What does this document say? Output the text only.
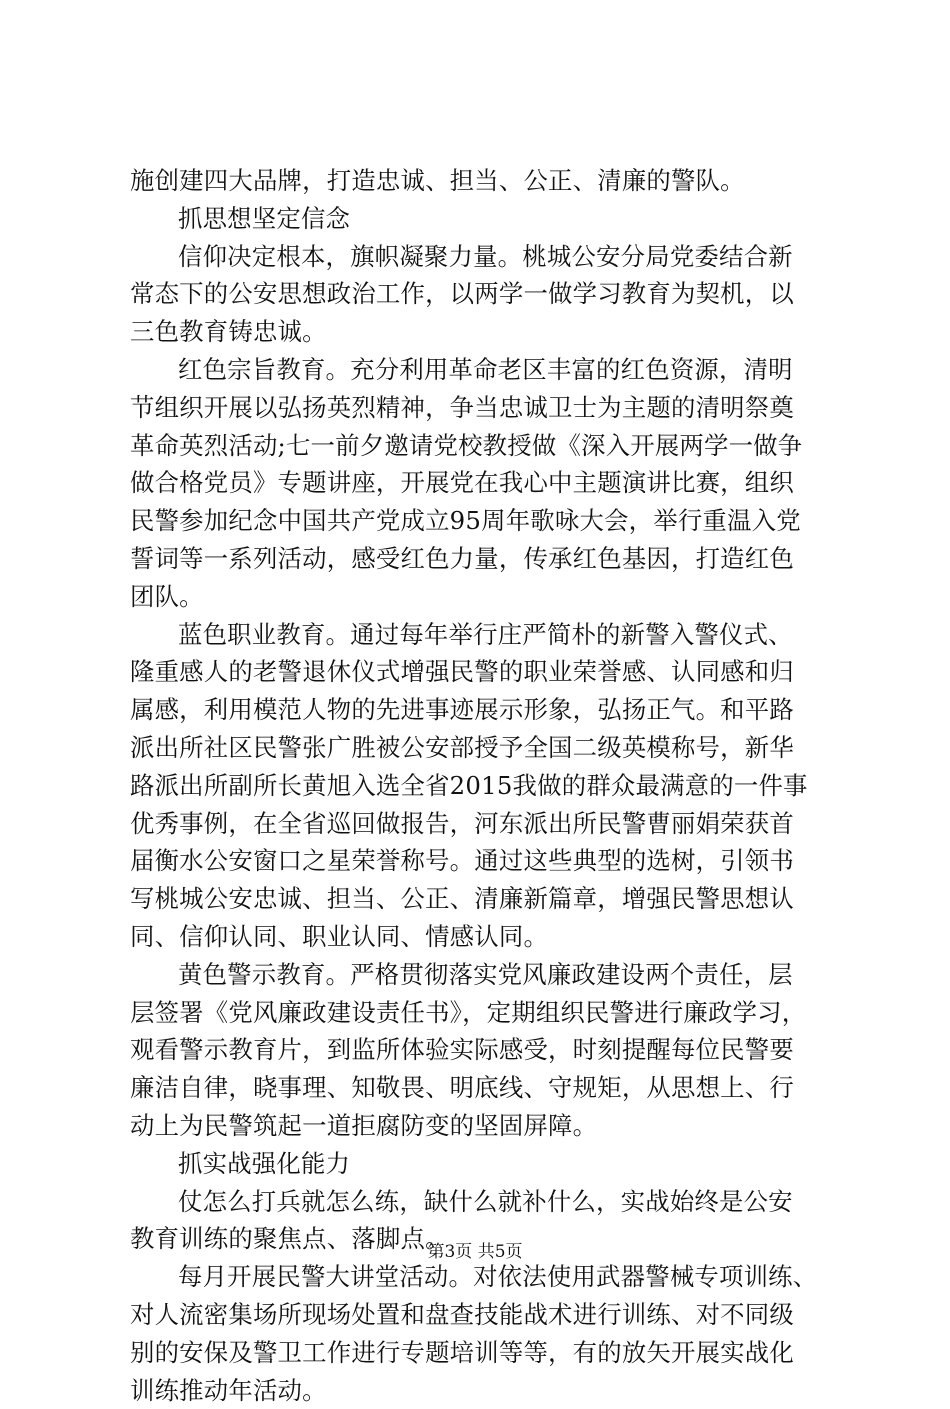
施创建四大品牌，打造忠诚、担当、公正、清廉的警队。
抓思想坚定信念
信仰决定根本，旗帜凝聚力量。桃城公安分局党委结合新
常态下的公安思想政治工作，以两学一做学习教育为契机，以
三色教育铸忠诚。
红色宗旨教育。充分利用革命老区丰富的红色资源，清明
节组织开展以弘扬英烈精神，争当忠诚卫士为主题的清明祭奠
革命英烈活动;七一前夕邀请党校教授做《深入开展两学一做争
做合格党员》专题讲座，开展党在我心中主题演讲比赛，组织
民警参加纪念中国共产党成立95周年歌咏大会，举行重温入党
誓词等一系列活动，感受红色力量，传承红色基因，打造红色
团队。
蓝色职业教育。通过每年举行庄严简朴的新警入警仪式、
隆重感人的老警退休仪式增强民警的职业荣誉感、认同感和归
属感，利用模范人物的先进事迹展示形象，弘扬正气。和平路
派出所社区民警张广胜被公安部授予全国二级英模称号，新华
路派出所副所长黄旭入选全省2015我做的群众最满意的一件事
优秀事例，在全省巡回做报告，河东派出所民警曹丽娟荣获首
届衡水公安窗口之星荣誉称号。通过这些典型的选树，引领书
写桃城公安忠诚、担当、公正、清廉新篇章，增强民警思想认
同、信仰认同、职业认同、情感认同。
黄色警示教育。严格贯彻落实党风廉政建设两个责任，层
层签署《党风廉政建设责任书》，定期组织民警进行廉政学习，
观看警示教育片，到监所体验实际感受，时刻提醒每位民警要
廉洁自律，晓事理、知敬畏、明底线、守规矩，从思想上、行
动上为民警筑起一道拒腐防变的坚固屏障。
抓实战强化能力
仗怎么打兵就怎么练，缺什么就补什么，实战始终是公安
教育训练的聚焦点、落脚点。
每月开展民警大讲堂活动。对依法使用武器警械专项训练、
对人流密集场所现场处置和盘查技能战术进行训练、对不同级
别的安保及警卫工作进行专题培训等等，有的放矢开展实战化
训练推动年活动。
第3页 共5页
